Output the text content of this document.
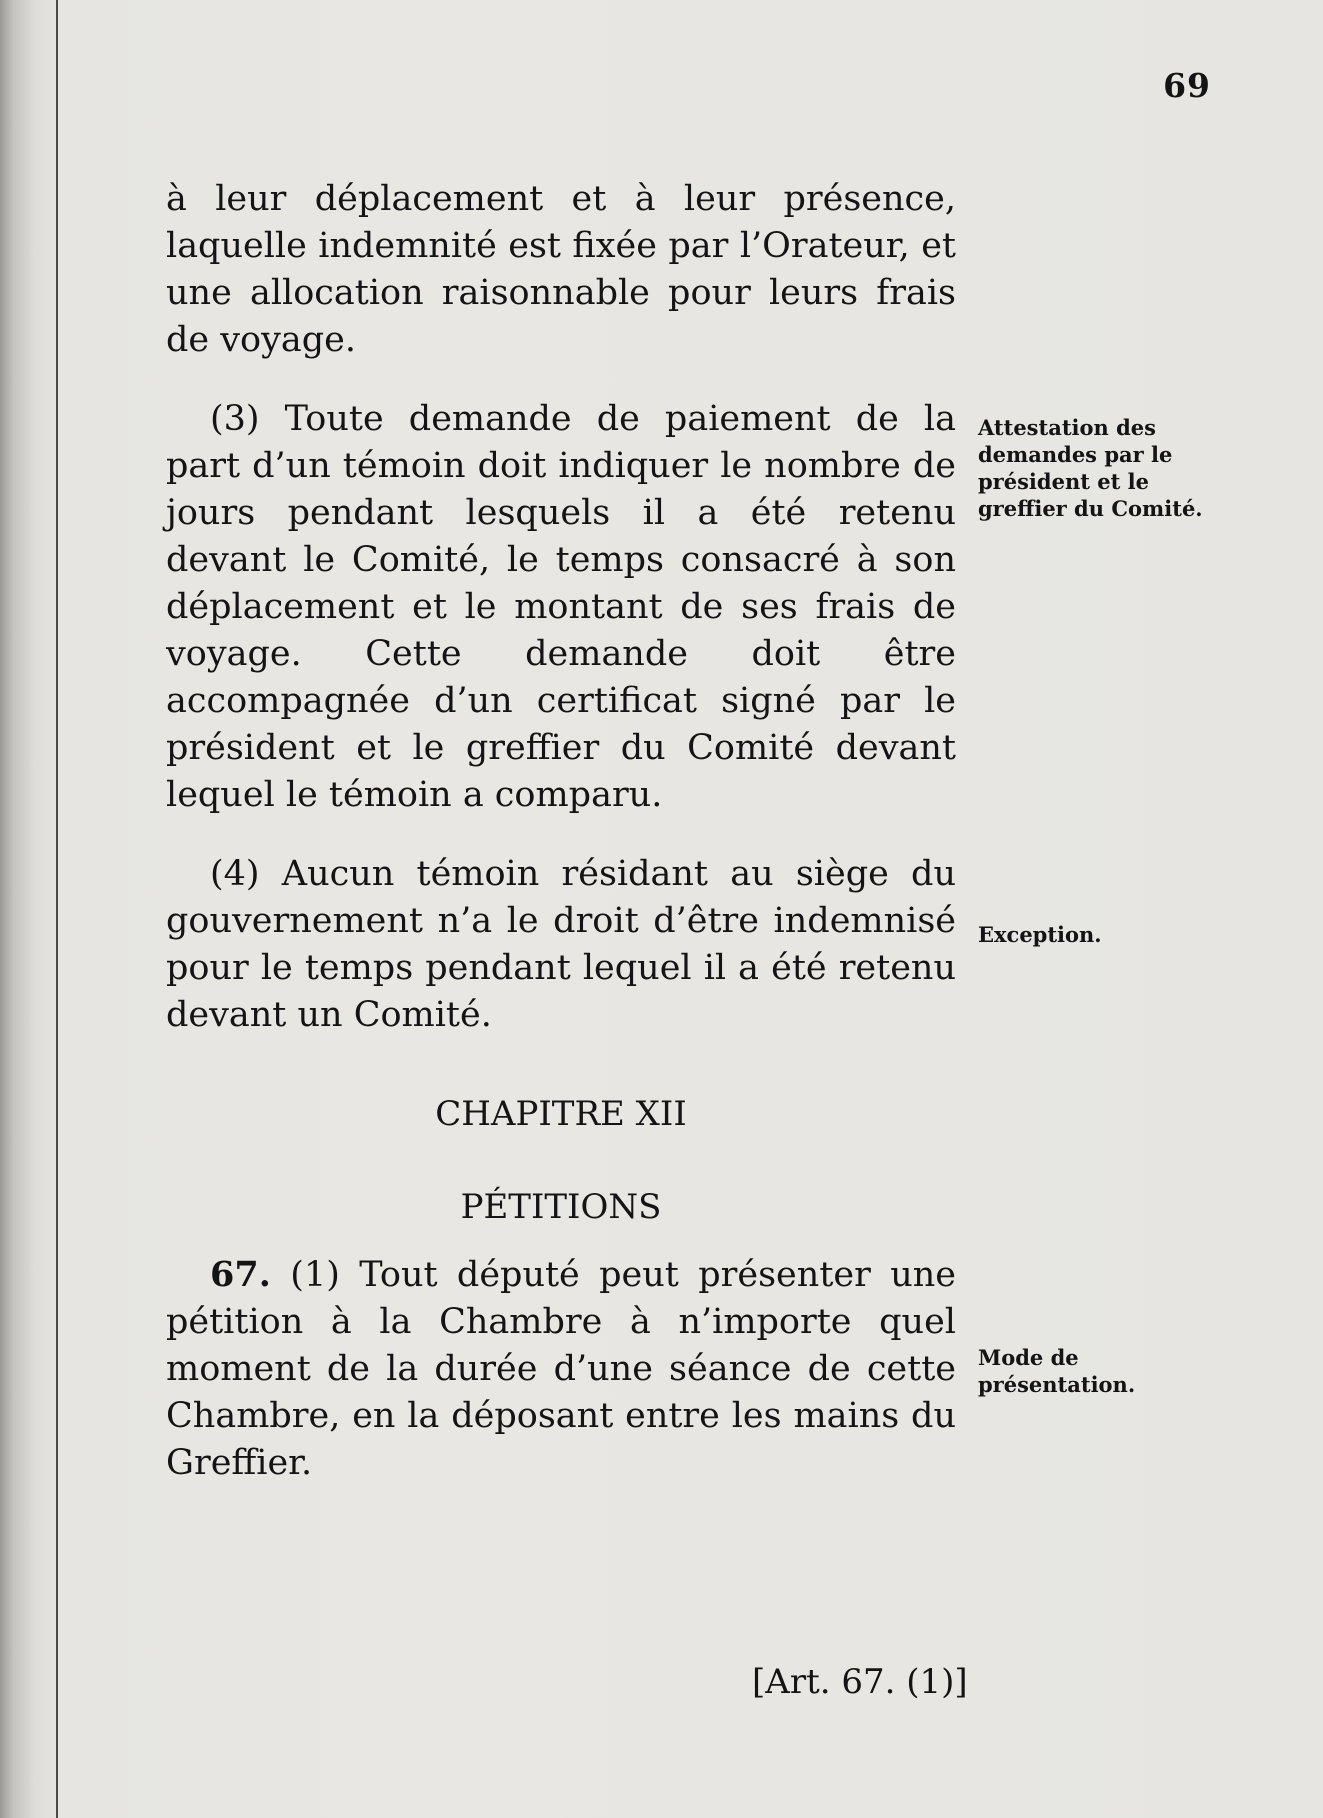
69

à leur déplacement et à leur présence, laquelle indemnité est fixée par l’Orateur, et une allocation raisonnable pour leurs frais de voyage.

(3) Toute demande de paiement de la part d’un témoin doit indiquer le nombre de jours pendant lesquels il a été retenu devant le Comité, le temps consacré à son déplacement et le montant de ses frais de voyage. Cette demande doit être accompagnée d’un certificat signé par le président et le greffier du Comité devant lequel le témoin a comparu.

(4) Aucun témoin résidant au siège du gouvernement n’a le droit d’être indemnisé pour le temps pendant lequel il a été retenu devant un Comité.

CHAPITRE XII

PÉTITIONS

67. (1) Tout député peut présenter une pétition à la Chambre à n’importe quel moment de la durée d’une séance de cette Chambre, en la déposant entre les mains du Greffier.

Attestation des demandes par le président et le greffier du Comité.
Exception.
Mode de présentation.
[Art. 67. (1)]
